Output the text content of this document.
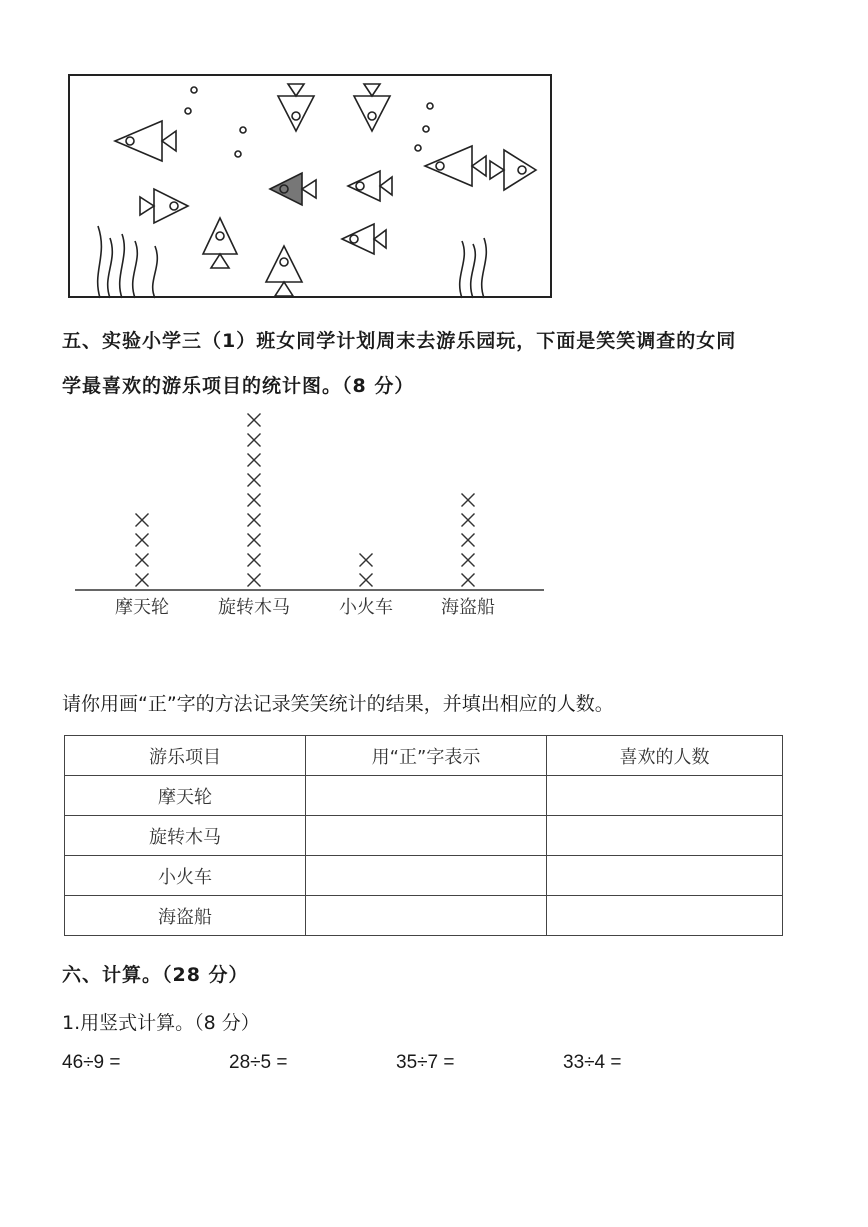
五、实验小学三（1）班女同学计划周末去游乐园玩，下面是笑笑调查的女同
学最喜欢的游乐项目的统计图。（8 分）
摩天轮	旋转木马	小火车	海盗船
请你用画“正”字的方法记录笑笑统计的结果，并填出相应的人数。
游乐项目	用“正”字表示	喜欢的人数
摩天轮		
旋转木马		
小火车		
海盗船		
六、计算。（28 分）
1.用竖式计算。（8 分）
46÷9 =	28÷5 =	35÷7 =	33÷4 =
